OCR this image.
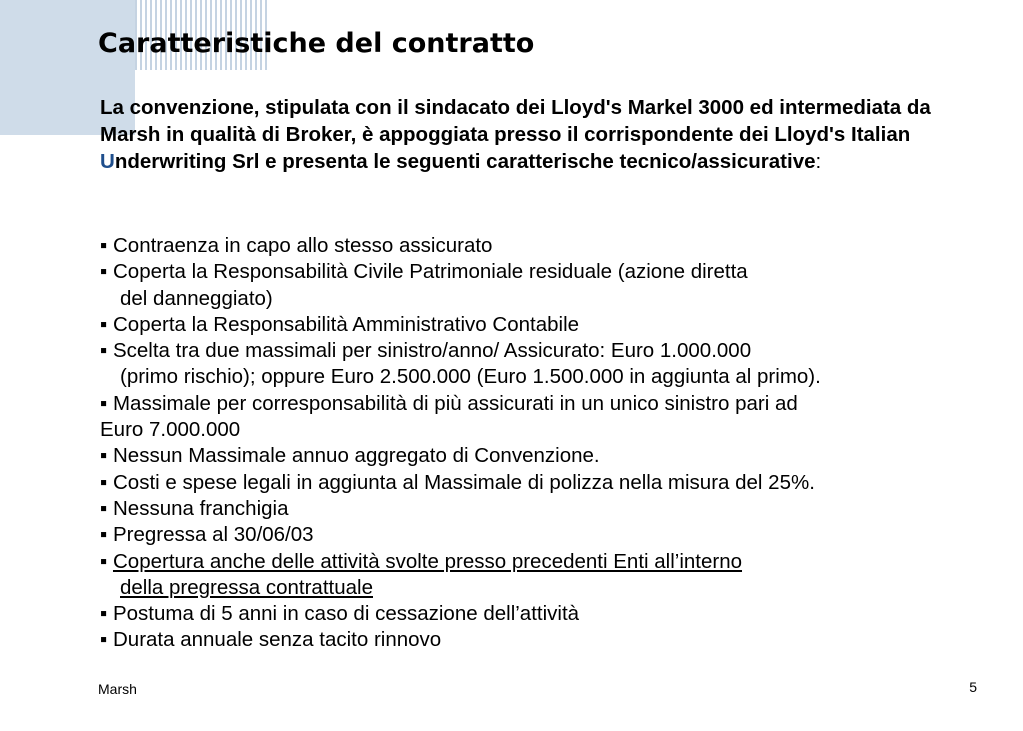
Caratteristiche del contratto
La convenzione, stipulata con il sindacato dei Lloyd's Markel 3000 ed intermediata da Marsh in qualità di Broker, è appoggiata presso il corrispondente dei Lloyd's Italian Underwriting Srl e presenta le seguenti caratterische tecnico/assicurative:
▪ Contraenza in capo allo stesso assicurato
▪ Coperta la Responsabilità Civile Patrimoniale residuale (azione diretta
del danneggiato)
▪ Coperta la Responsabilità Amministrativo Contabile
▪ Scelta tra due massimali per sinistro/anno/ Assicurato: Euro 1.000.000
(primo rischio); oppure Euro 2.500.000 (Euro 1.500.000 in aggiunta al primo).
▪ Massimale per corresponsabilità di più assicurati in un unico sinistro pari ad
Euro 7.000.000
▪ Nessun Massimale annuo aggregato di Convenzione.
▪ Costi e spese legali in aggiunta al Massimale di polizza nella misura del 25%.
▪ Nessuna franchigia
▪ Pregressa al 30/06/03
▪ Copertura anche delle attività svolte presso precedenti Enti all’interno
della pregressa contrattuale
▪ Postuma di 5 anni in caso di cessazione dell’attività
▪ Durata annuale senza tacito rinnovo
Marsh	5
